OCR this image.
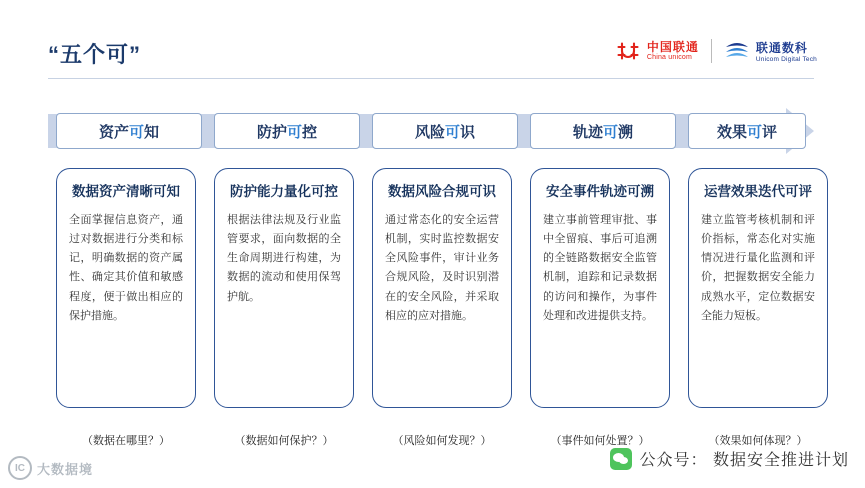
“五个可”	中国联通
China unicom
联通数科
Unicom Digital Tech
资产 可 知	防护 可 控	风险 可 识	轨迹 可 溯	效果 可 评
数据资产清晰可知

全面掌握信息资产，通过对数据进行分类和标记，明确数据的资产属性、确定其价值和敏感程度，便于做出相应的保护措施。

防护能力量化可控

根据法律法规及行业监管要求，面向数据的全生命周期进行构建，为数据的流动和使用保驾护航。

数据风险合规可识

通过常态化的安全运营机制，实时监控数据安全风险事件，审计业务合规风险，及时识别潜在的安全风险，并采取相应的应对措施。

安全事件轨迹可溯

建立事前管理审批、事中全留痕、事后可追溯的全链路数据安全监管机制，追踪和记录数据的访问和操作，为事件处理和改进提供支持。

运营效果迭代可评

建立监管考核机制和评价指标，常态化对实施情况进行量化监测和评价，把握数据安全能力成熟水平，定位数据安全能力短板。

（数据在哪里？）	（数据如何保护？）	（风险如何发现？）	（事件如何处置？）	（效果如何体现？）
IC 大数据境	公众号： 数据安全推进计划
